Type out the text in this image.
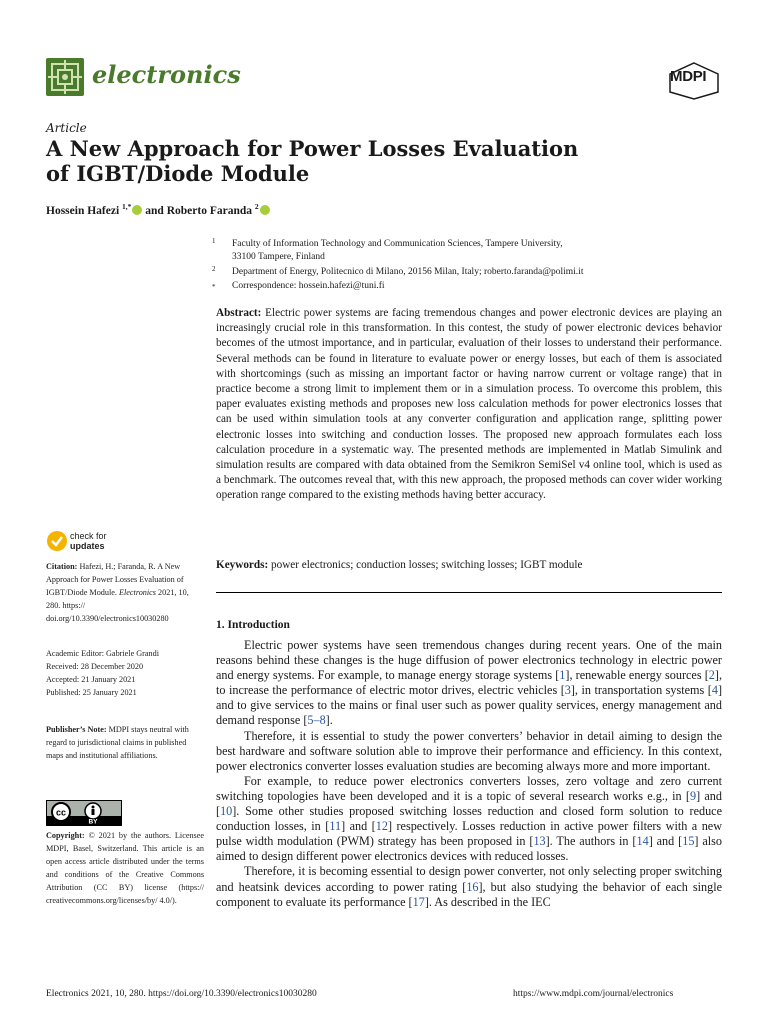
electronics	MDPI
Article
A New Approach for Power Losses Evaluation of IGBT/Diode Module
Hossein Hafezi $^{1,*}$ and Roberto Faranda $^2$
1	Faculty of Information Technology and Communication Sciences, Tampere University,
33100 Tampere, Finland
2	Department of Energy, Politecnico di Milano, 20156 Milan, Italy; roberto.faranda@polimi.it
*	Correspondence: hossein.hafezi@tuni.fi
Abstract: Electric power systems are facing tremendous changes and power electronic devices are playing an increasingly crucial role in this transformation. In this contest, the study of power electronic devices behavior becomes of the utmost importance, and in particular, evaluation of their losses to understand their performance. Several methods can be found in literature to evaluate power or energy losses, but each of them is associated with shortcomings (such as missing an important factor or having narrow current or voltage range) that in practice become a strong limit to implement them or in a simulation process. To overcome this problem, this paper evaluates existing methods and proposes new loss calculation methods for power electronics losses that can be used within simulation tools at any converter configuration and application range, splitting power electronic losses into switching and conduction losses. The proposed new approach formulates each loss calculation procedure in a systematic way. The presented methods are implemented in Matlab Simulink and simulation results are compared with data obtained from the Semikron SemiSel v4 online tool, which is used as a benchmark. The outcomes reveal that, with this new approach, the proposed methods can cover wider working operation range compared to the existing methods having better accuracy.
Keywords: power electronics; conduction losses; switching losses; IGBT module
1. Introduction

Electric power systems have seen tremendous changes during recent years. One of the main reasons behind these changes is the huge diffusion of power electronics technology in electric power and energy systems. For example, to manage energy storage systems [1], renewable energy sources [2], to increase the performance of electric motor drives, electric vehicles [3], in transportation systems [4] and to give services to the mains or final user such as power quality services, energy management and demand response [5–8].

Therefore, it is essential to study the power converters’ behavior in detail aiming to design the best hardware and software solution able to improve their performance and efficiency. In this context, power electronics converter losses evaluation studies are becoming always more and more important.

For example, to reduce power electronics converters losses, zero voltage and zero current switching topologies have been developed and it is a topic of several research works e.g., in [9] and [10]. Some other studies proposed switching losses reduction and closed form solution to reduce conduction losses, in [11] and [12] respectively. Losses reduction in active power filters with a new pulse width modulation (PWM) strategy has been proposed in [13]. The authors in [14] and [15] also aimed to design different power electronics devices with reduced losses.

Therefore, it is becoming essential to design power converter, not only selecting proper switching and heatsink devices according to power rating [16], but also studying the behavior of each single component to evaluate its performance [17]. As described in the IEC

check for
updates
Citation: Hafezi, H.; Faranda, R. A New Approach for Power Losses Evaluation of IGBT/Diode Module. Electronics 2021, 10, 280. https:// doi.org/10.3390/electronics10030280
Academic Editor: Gabriele Grandi
Received: 28 December 2020
Accepted: 21 January 2021
Published: 25 January 2021
Publisher’s Note: MDPI stays neutral with regard to jurisdictional claims in published maps and institutional affiliations.
cc
BY
Copyright: © 2021 by the authors. Licensee MDPI, Basel, Switzerland. This article is an open access article distributed under the terms and conditions of the Creative Commons Attribution (CC BY) license (https:// creativecommons.org/licenses/by/ 4.0/).
Electronics 2021, 10, 280. https://doi.org/10.3390/electronics10030280	https://www.mdpi.com/journal/electronics
